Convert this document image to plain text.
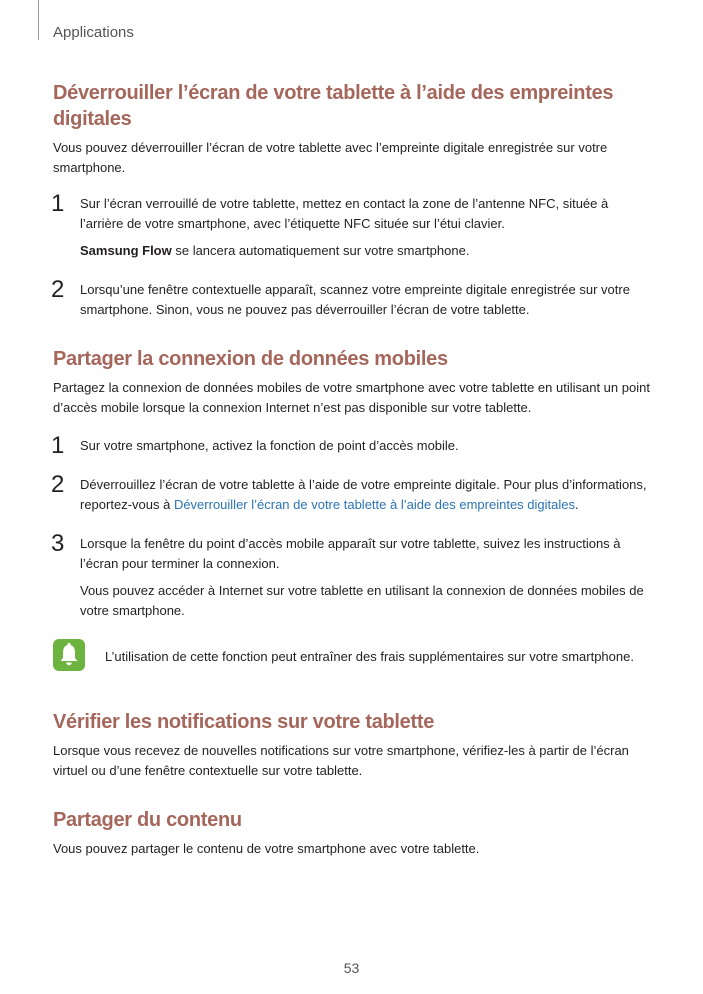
Applications
Déverrouiller l’écran de votre tablette à l’aide des empreintes digitales

Vous pouvez déverrouiller l’écran de votre tablette avec l’empreinte digitale enregistrée sur votre smartphone.

1 Sur l’écran verrouillé de votre tablette, mettez en contact la zone de l’antenne NFC, située à l’arrière de votre smartphone, avec l’étiquette NFC située sur l’étui clavier.

Samsung Flow se lancera automatiquement sur votre smartphone.

2 Lorsqu’une fenêtre contextuelle apparaît, scannez votre empreinte digitale enregistrée sur votre smartphone. Sinon, vous ne pouvez pas déverrouiller l’écran de votre tablette.

Partager la connexion de données mobiles

Partagez la connexion de données mobiles de votre smartphone avec votre tablette en utilisant un point d’accès mobile lorsque la connexion Internet n’est pas disponible sur votre tablette.

1 Sur votre smartphone, activez la fonction de point d’accès mobile.

2 Déverrouillez l’écran de votre tablette à l’aide de votre empreinte digitale. Pour plus d’informations, reportez-vous à Déverrouiller l’écran de votre tablette à l’aide des empreintes digitales.

3 Lorsque la fenêtre du point d’accès mobile apparaît sur votre tablette, suivez les instructions à l’écran pour terminer la connexion.

Vous pouvez accéder à Internet sur votre tablette en utilisant la connexion de données mobiles de votre smartphone.

L’utilisation de cette fonction peut entraîner des frais supplémentaires sur votre smartphone.

Vérifier les notifications sur votre tablette

Lorsque vous recevez de nouvelles notifications sur votre smartphone, vérifiez-les à partir de l’écran virtuel ou d’une fenêtre contextuelle sur votre tablette.

Partager du contenu

Vous pouvez partager le contenu de votre smartphone avec votre tablette.

53
